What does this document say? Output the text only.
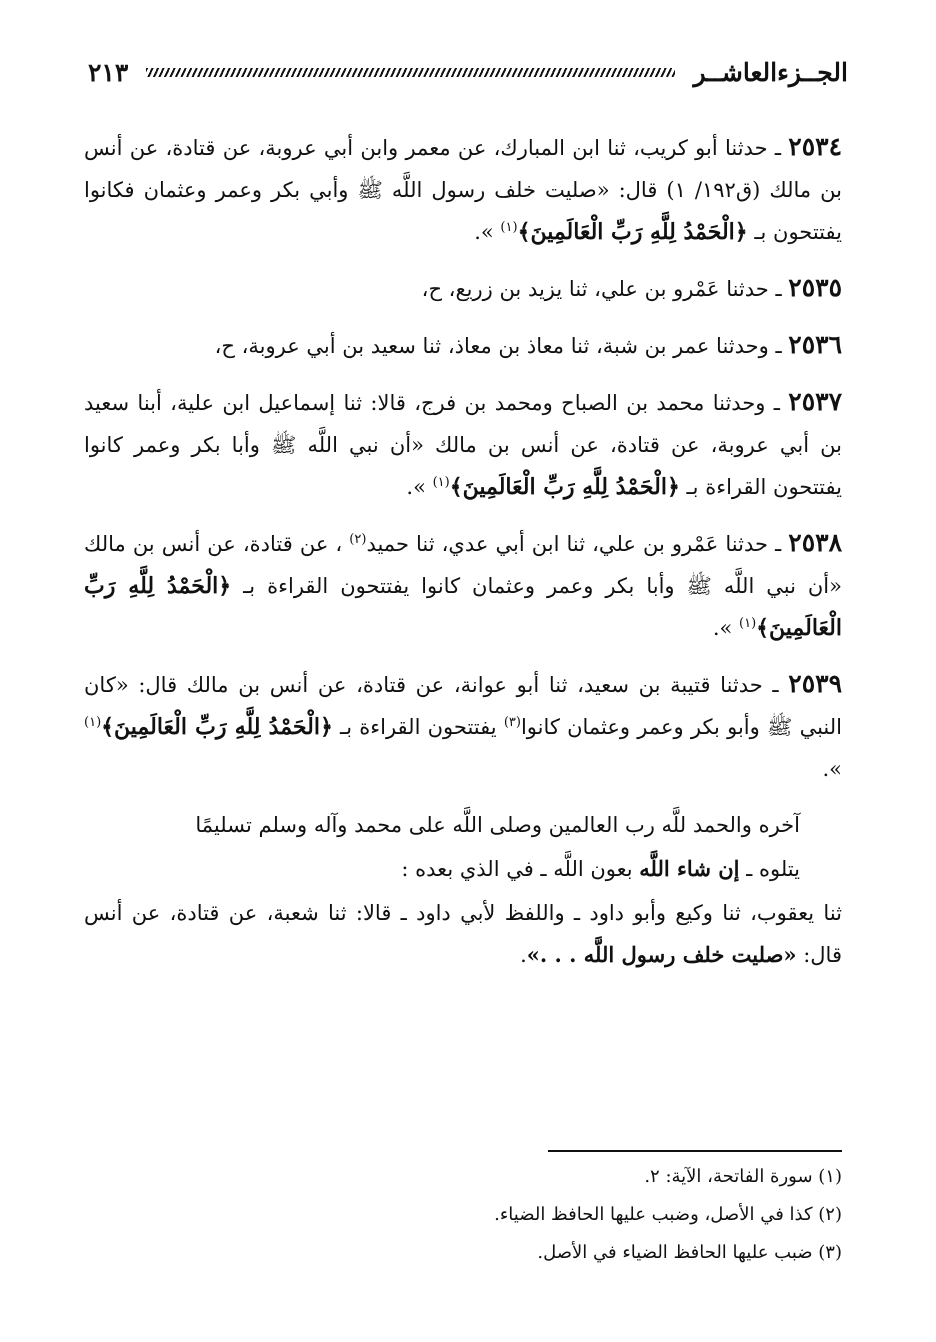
الجــزءالعاشــر
٢١٣

٢٥٣٤ ـ حدثنا أبو كريب، ثنا ابن المبارك، عن معمر وابن أبي عروبة، عن قتادة، عن أنس بن مالك (ق١٩٢/ ١) قال: «صليت خلف رسول اللَّه ﷺ وأبي بكر وعمر وعثمان فكانوا يفتتحون بـ ﴿الْحَمْدُ لِلَّهِ رَبِّ الْعَالَمِينَ﴾$^{(١)}$ ».

٢٥٣٥ ـ حدثنا عَمْرو بن علي، ثنا يزيد بن زريع، ح،

٢٥٣٦ ـ وحدثنا عمر بن شبة، ثنا معاذ بن معاذ، ثنا سعيد بن أبي عروبة، ح،

٢٥٣٧ ـ وحدثنا محمد بن الصباح ومحمد بن فرج، قالا: ثنا إسماعيل ابن علية، أبنا سعيد بن أبي عروبة، عن قتادة، عن أنس بن مالك «أن نبي اللَّه ﷺ وأبا بكر وعمر كانوا يفتتحون القراءة بـ ﴿الْحَمْدُ لِلَّهِ رَبِّ الْعَالَمِينَ﴾$^{(١)}$ ».

٢٥٣٨ ـ حدثنا عَمْرو بن علي، ثنا ابن أبي عدي، ثنا حميد$^{(٢)}$ ، عن قتادة، عن أنس بن مالك «أن نبي اللَّه ﷺ وأبا بكر وعمر وعثمان كانوا يفتتحون القراءة بـ ﴿الْحَمْدُ لِلَّهِ رَبِّ الْعَالَمِينَ﴾$^{(١)}$ ».

٢٥٣٩ ـ حدثنا قتيبة بن سعيد، ثنا أبو عوانة، عن قتادة، عن أنس بن مالك قال: «كان النبي ﷺ وأبو بكر وعمر وعثمان كانوا$^{(٣)}$ يفتتحون القراءة بـ ﴿الْحَمْدُ لِلَّهِ رَبِّ الْعَالَمِينَ﴾$^{(١)}$ ».

آخره والحمد للَّه رب العالمين وصلى اللَّه على محمد وآله وسلم تسليمًا

يتلوه ـ إن شاء اللَّه بعون اللَّه ـ في الذي بعده :

ثنا يعقوب، ثنا وكيع وأبو داود ـ واللفظ لأبي داود ـ قالا: ثنا شعبة، عن قتادة، عن أنس قال: «صليت خلف رسول اللَّه . . .».

(١) سورة الفاتحة، الآية: ٢.

(٢) كذا في الأصل، وضبب عليها الحافظ الضياء.

(٣) ضبب عليها الحافظ الضياء في الأصل.
